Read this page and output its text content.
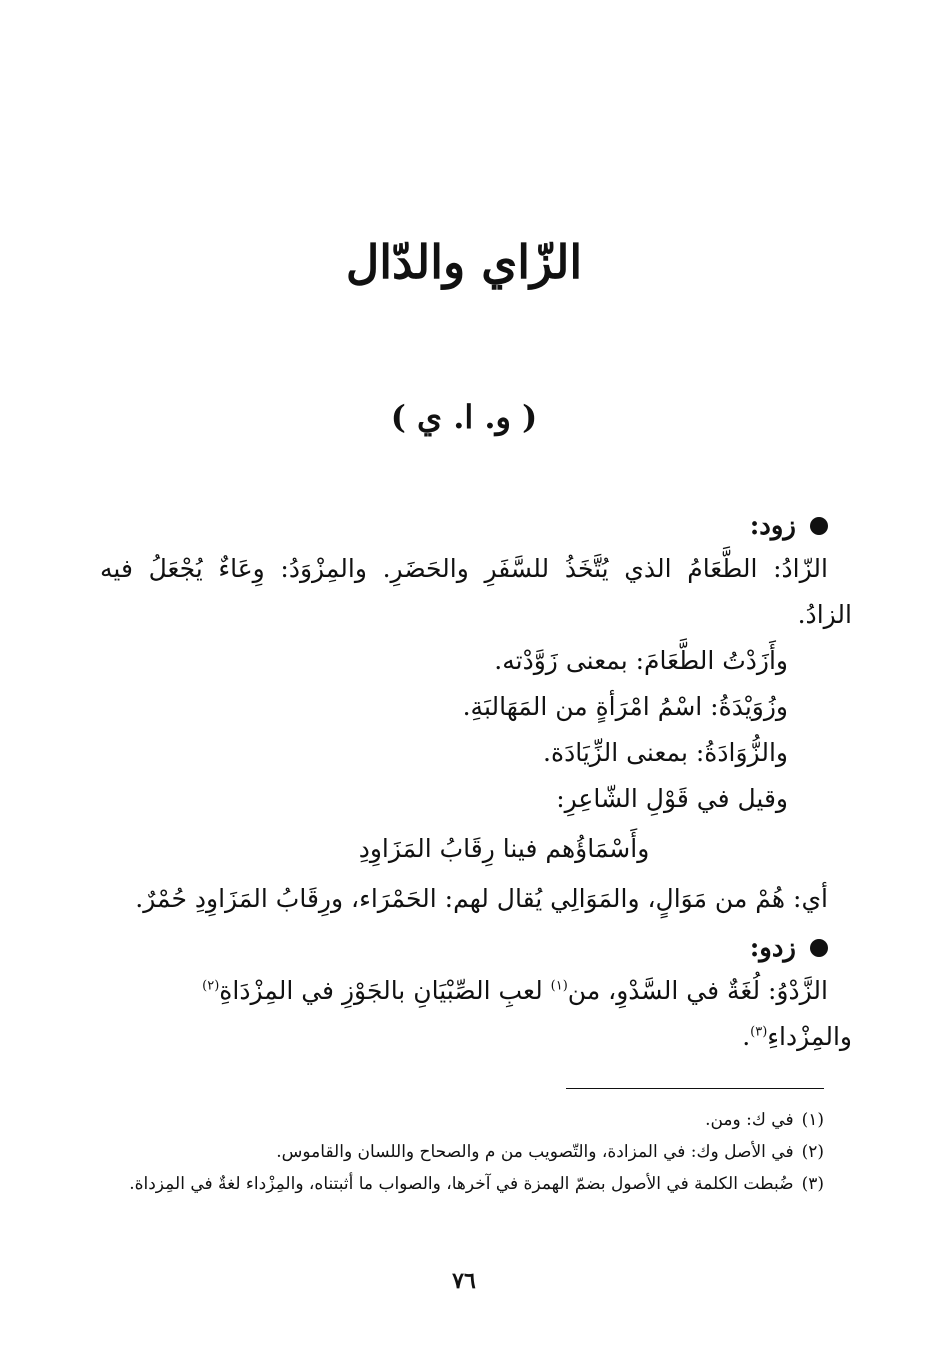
الزّاي والدّال
( و. ا. ي )
زود:
الزّادُ: الطَّعَامُ الذي يُتَّخَذُ للسَّفَرِ والحَضَرِ. والمِزْوَدُ: وِعَاءٌ يُجْعَلُ فيه
الزادُ.
وأَزَدْتُ الطَّعَامَ: بمعنى زَوَّدْته.
وزُوَيْدَةُ: اسْمُ امْرَأةٍ من المَهَالبَةِ.
والزُّوَادَةُ: بمعنى الزِّيَادَة.
وقيل في قَوْلِ الشّاعِرِ:
وأَسْمَاؤُهم فينا رِقَابُ المَزَاوِدِ
أي: هُمْ من مَوَالٍ، والمَوَالِي يُقال لهم: الحَمْرَاء، ورِقَابُ المَزَاوِدِ حُمْرٌ.
زدو:
الزَّدْوُ: لُغَةٌ في السَّدْوِ، من$^{(١)}$ لعبِ الصِّبْيَانِ بالجَوْزِ في المِزْدَاةِ$^{(٢)}$
والمِزْداءِ$^{(٣)}$.
(١)
في ك: ومن.
(٢)
في الأصل وك: في المزادة، والتّصويب من م والصحاح واللسان والقاموس.
(٣)
ضُبطت الكلمة في الأصول بضمّ الهمزة في آخرها، والصواب ما أثبتناه، والمِزْداء لغةٌ في المِزداة.
٧٦
